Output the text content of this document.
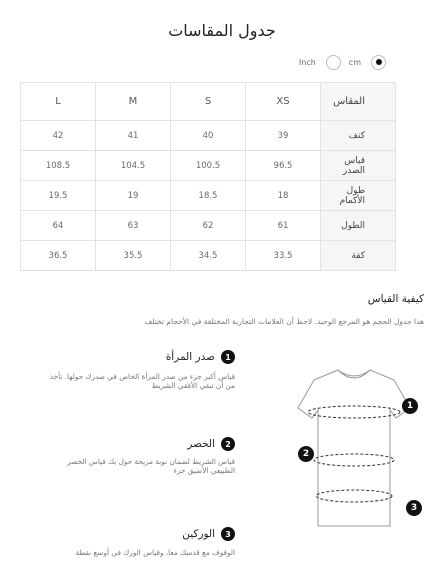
جدول المقاسات
Inch	cm
L	M	S	XS	المقاس
42	41	40	39	كتف
108.5	104.5	100.5	96.5	قياس الصدر
19.5	19	18.5	18	طول الأكمام
64	63	62	61	الطول
36.5	35.5	34.5	33.5	كفة
كيفية القياس
هذا جدول الحجم هو المرجع الوحيد. لاحظ أن العلامات التجارية المختلفة في الأحجام تختلف
1
صدر المرأة
قياس أكبر جزء من صدر المرأة الخاص في صدرك حولها. تأخذ
من أن تبقي الأفقي الشريط
2
الخصر
قياس الشريط لضمان نوبة مريحة حول بك قياس الخصر
الطبيعي الأضيق جزء
3
الوركين
الوقوف مع قدميك معا، وقياس الورك في أوسع نقطة
1
2
3
